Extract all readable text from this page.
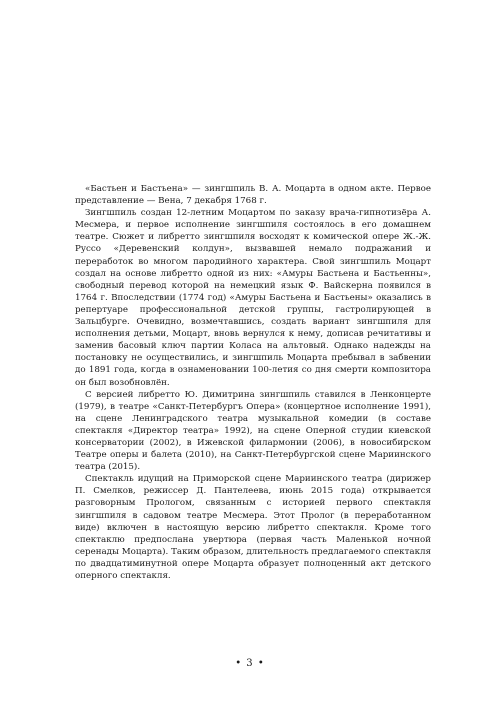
«Бастьен и Бастьена» — зингшпиль В. А. Моцарта в одном акте. Первое представление — Вена, 7 декабря 1768 г.

Зингшпиль создан 12-летним Моцартом по заказу врача-гипнотизёра А. Месмера, и первое исполнение зингшпиля состоялось в его домашнем театре. Сюжет и либретто зингшпиля восходят к комической опере Ж.-Ж. Руссо «Деревенский колдун», вызвавшей немало подражаний и переработок во многом пародийного характера. Свой зингшпиль Моцарт создал на основе либретто одной из них: «Амуры Бастьена и Бастьенны», свободный перевод которой на немецкий язык Ф. Вайскерна появился в 1764 г. Впоследствии (1774 год) «Амуры Бастьена и Бастьены» оказались в репертуаре профессиональной детской группы, гастролирующей в Зальцбурге. Очевидно, возмечтавшись, создать вариант зингшпиля для исполнения детьми, Моцарт, вновь вернулся к нему, дописав речитативы и заменив басовый ключ партии Коласа на альтовый. Однако надежды на постановку не осуществились, и зингшпиль Моцарта пребывал в забвении до 1891 года, когда в ознаменовании 100-летия со дня смерти композитора он был возобновлён.

С версией либретто Ю. Димитрина зингшпиль ставился в Ленконцерте (1979), в театре «Санкт-Петербургъ Опера» (концертное исполнение 1991), на сцене Ленинградского театра музыкальной комедии (в составе спектакля «Директор театра» 1992), на сцене Оперной студии киевской консерватории (2002), в Ижевской филармонии (2006), в новосибирском Театре оперы и балета (2010), на Санкт-Петербургской сцене Мариинского театра (2015).

Спектакль идущий на Приморской сцене Мариинского театра (дирижер П. Смелков, режиссер Д. Пантелеева, июнь 2015 года) открывается разговорным Прологом, связанным с историей первого спектакля зингшпиля в садовом театре Месмера. Этот Пролог (в переработанном виде) включен в настоящую версию либретто спектакля. Кроме того спектаклю предпослана увертюра (первая часть Маленькой ночной серенады Моцарта). Таким образом, длительность предлагаемого спектакля по двадцатиминутной опере Моцарта образует полноценный акт детского оперного спектакля.

• 3 •
